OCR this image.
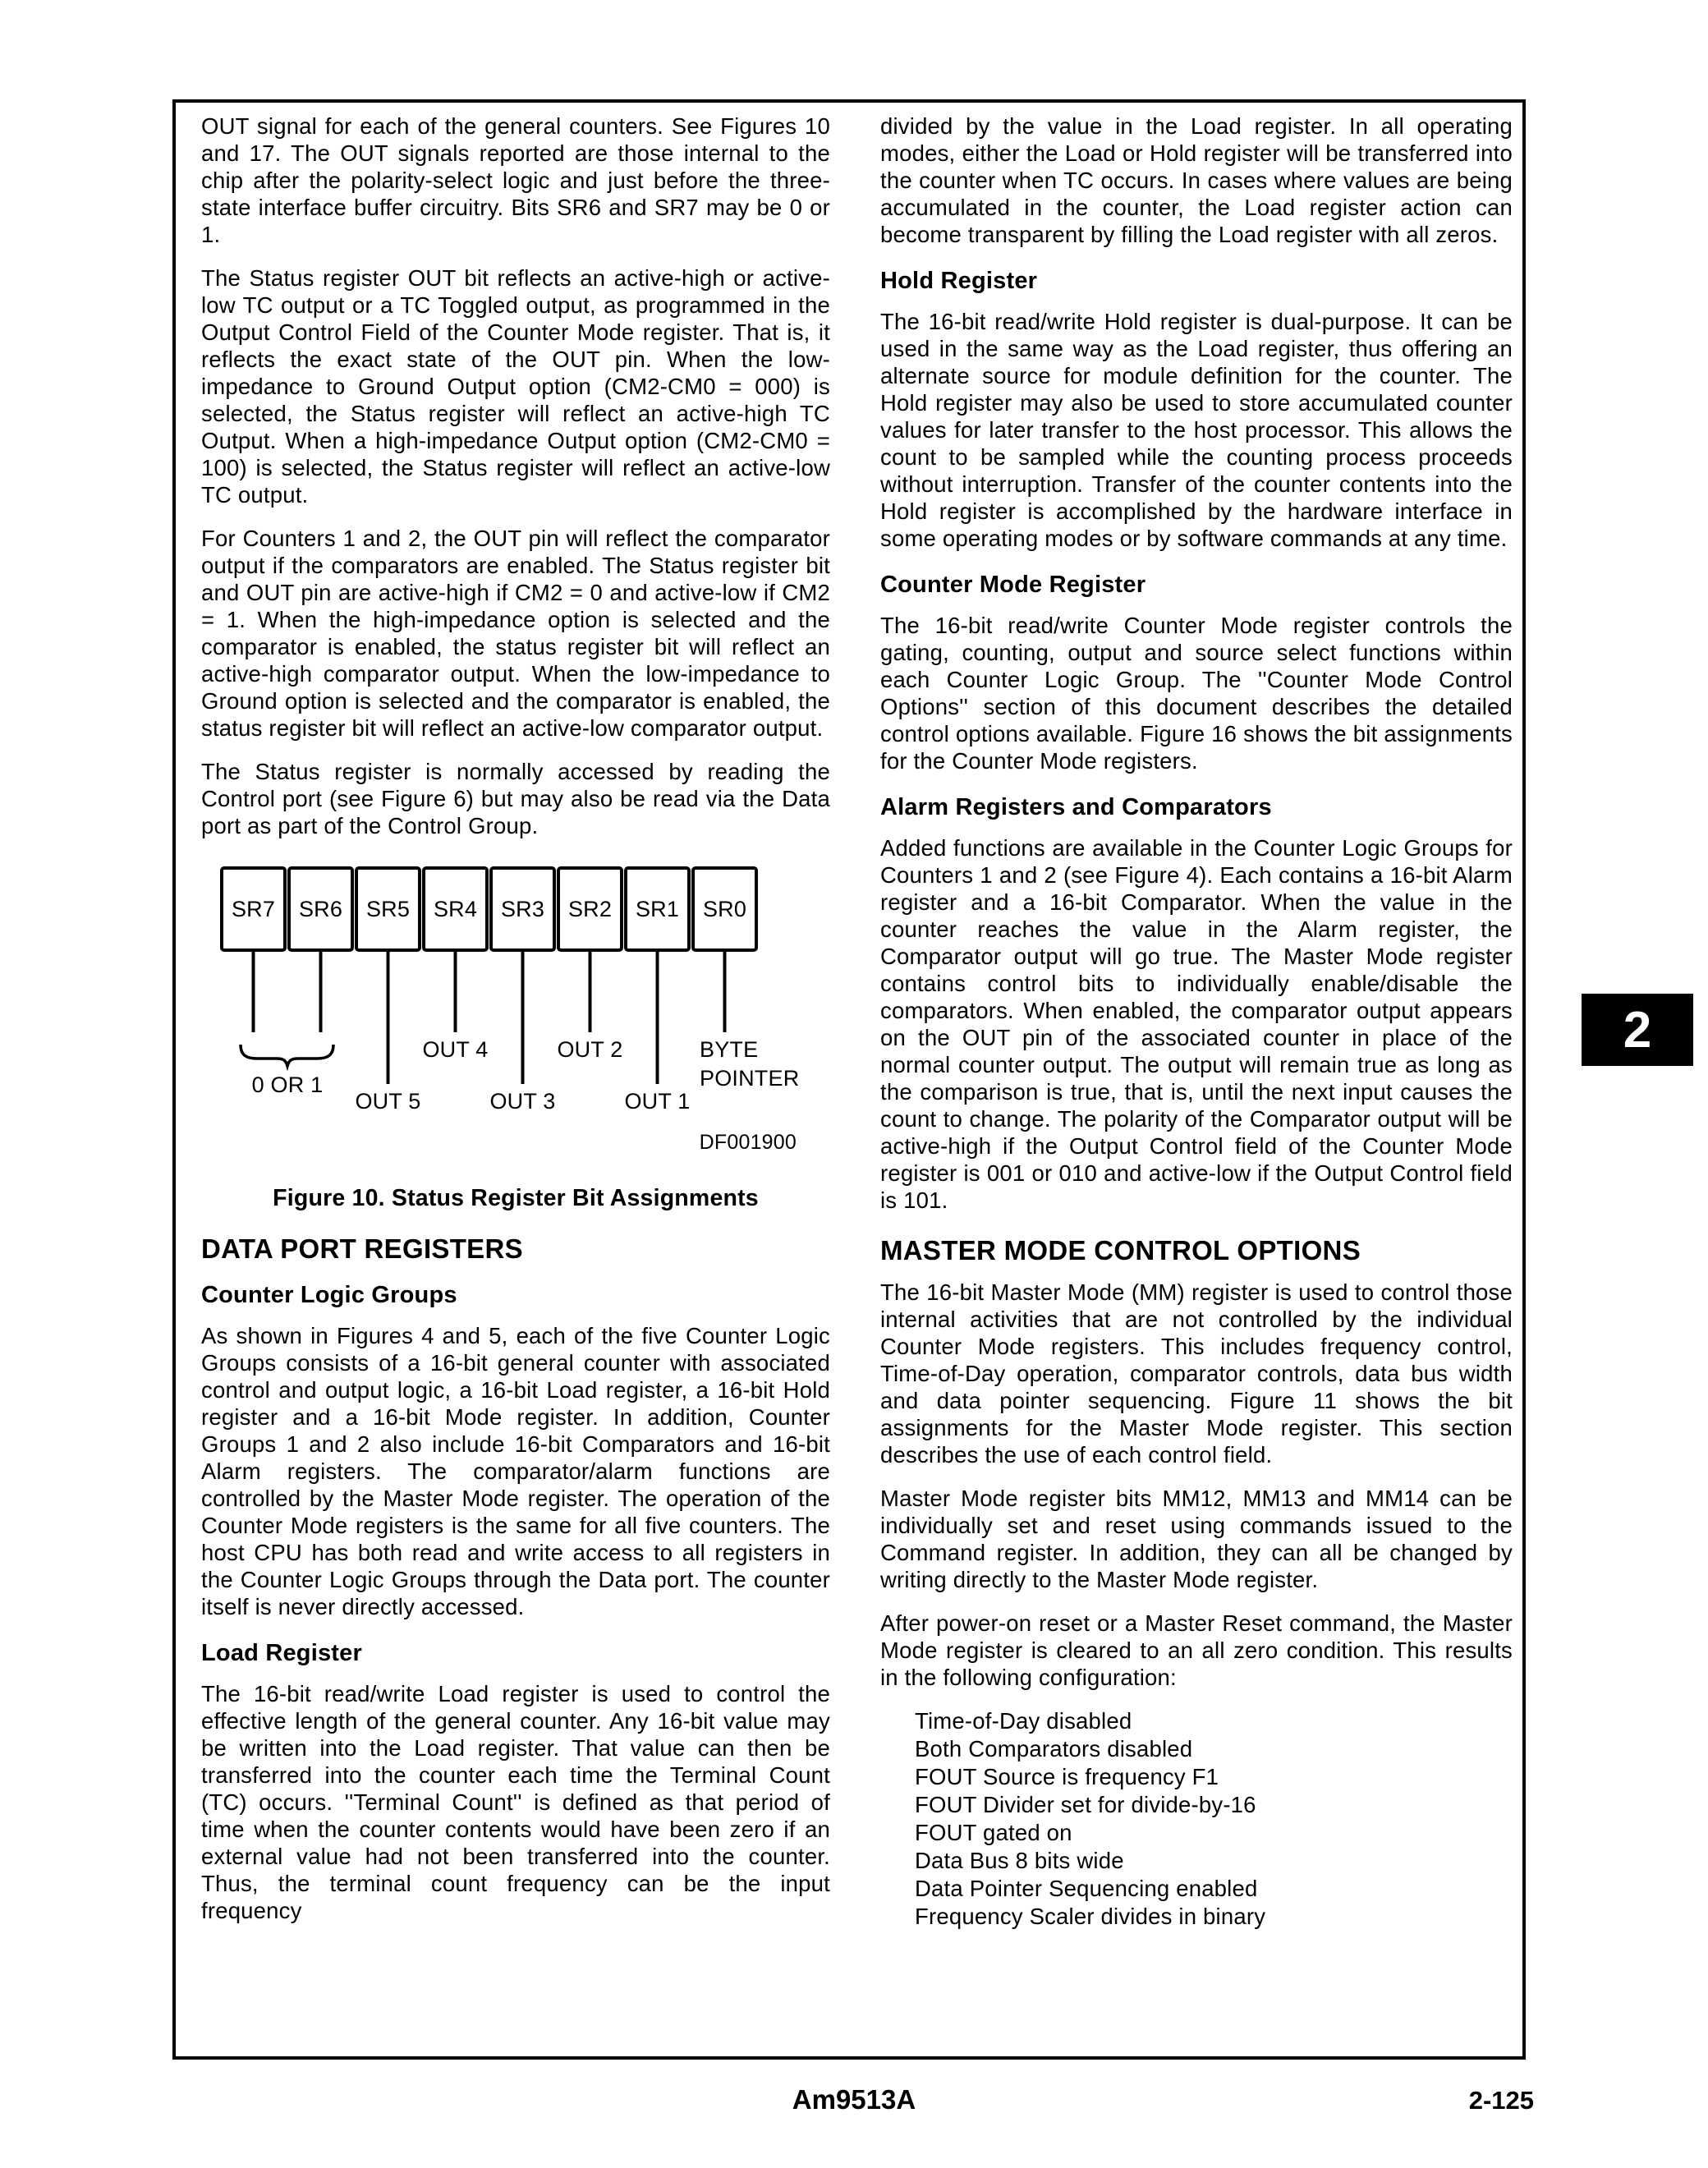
OUT signal for each of the general counters. See Figures 10 and 17. The OUT signals reported are those internal to the chip after the polarity-select logic and just before the three-state interface buffer circuitry. Bits SR6 and SR7 may be 0 or 1.

The Status register OUT bit reflects an active-high or active-low TC output or a TC Toggled output, as programmed in the Output Control Field of the Counter Mode register. That is, it reflects the exact state of the OUT pin. When the low-impedance to Ground Output option (CM2-CM0 = 000) is selected, the Status register will reflect an active-high TC Output. When a high-impedance Output option (CM2-CM0 = 100) is selected, the Status register will reflect an active-low TC output.

For Counters 1 and 2, the OUT pin will reflect the comparator output if the comparators are enabled. The Status register bit and OUT pin are active-high if CM2 = 0 and active-low if CM2 = 1. When the high-impedance option is selected and the comparator is enabled, the status register bit will reflect an active-high comparator output. When the low-impedance to Ground option is selected and the comparator is enabled, the status register bit will reflect an active-low comparator output.

The Status register is normally accessed by reading the Control port (see Figure 6) but may also be read via the Data port as part of the Control Group.

SR7 SR6 SR5 SR4 SR3 SR2 SR1 SR0
0 OR 1
OUT 4	OUT 2	BYTE
POINTER
OUT 5	OUT 3	OUT 1
DF001900
Figure 10. Status Register Bit Assignments
DATA PORT REGISTERS
Counter Logic Groups

As shown in Figures 4 and 5, each of the five Counter Logic Groups consists of a 16-bit general counter with associated control and output logic, a 16-bit Load register, a 16-bit Hold register and a 16-bit Mode register. In addition, Counter Groups 1 and 2 also include 16-bit Comparators and 16-bit Alarm registers. The comparator/alarm functions are controlled by the Master Mode register. The operation of the Counter Mode registers is the same for all five counters. The host CPU has both read and write access to all registers in the Counter Logic Groups through the Data port. The counter itself is never directly accessed.

Load Register

The 16-bit read/write Load register is used to control the effective length of the general counter. Any 16-bit value may be written into the Load register. That value can then be transferred into the counter each time the Terminal Count (TC) occurs. ''Terminal Count'' is defined as that period of time when the counter contents would have been zero if an external value had not been transferred into the counter. Thus, the terminal count frequency can be the input frequency

divided by the value in the Load register. In all operating modes, either the Load or Hold register will be transferred into the counter when TC occurs. In cases where values are being accumulated in the counter, the Load register action can become transparent by filling the Load register with all zeros.

Hold Register

The 16-bit read/write Hold register is dual-purpose. It can be used in the same way as the Load register, thus offering an alternate source for module definition for the counter. The Hold register may also be used to store accumulated counter values for later transfer to the host processor. This allows the count to be sampled while the counting process proceeds without interruption. Transfer of the counter contents into the Hold register is accomplished by the hardware interface in some operating modes or by software commands at any time.

Counter Mode Register

The 16-bit read/write Counter Mode register controls the gating, counting, output and source select functions within each Counter Logic Group. The ''Counter Mode Control Options'' section of this document describes the detailed control options available. Figure 16 shows the bit assignments for the Counter Mode registers.

Alarm Registers and Comparators

Added functions are available in the Counter Logic Groups for Counters 1 and 2 (see Figure 4). Each contains a 16-bit Alarm register and a 16-bit Comparator. When the value in the counter reaches the value in the Alarm register, the Comparator output will go true. The Master Mode register contains control bits to individually enable/disable the comparators. When enabled, the comparator output appears on the OUT pin of the associated counter in place of the normal counter output. The output will remain true as long as the comparison is true, that is, until the next input causes the count to change. The polarity of the Comparator output will be active-high if the Output Control field of the Counter Mode register is 001 or 010 and active-low if the Output Control field is 101.

MASTER MODE CONTROL OPTIONS

The 16-bit Master Mode (MM) register is used to control those internal activities that are not controlled by the individual Counter Mode registers. This includes frequency control, Time-of-Day operation, comparator controls, data bus width and data pointer sequencing. Figure 11 shows the bit assignments for the Master Mode register. This section describes the use of each control field.

Master Mode register bits MM12, MM13 and MM14 can be individually set and reset using commands issued to the Command register. In addition, they can all be changed by writing directly to the Master Mode register.

After power-on reset or a Master Reset command, the Master Mode register is cleared to an all zero condition. This results in the following configuration:

Time-of-Day disabled
Both Comparators disabled
FOUT Source is frequency F1
FOUT Divider set for divide-by-16
FOUT gated on
Data Bus 8 bits wide
Data Pointer Sequencing enabled
Frequency Scaler divides in binary
2
Am9513A	2-125
